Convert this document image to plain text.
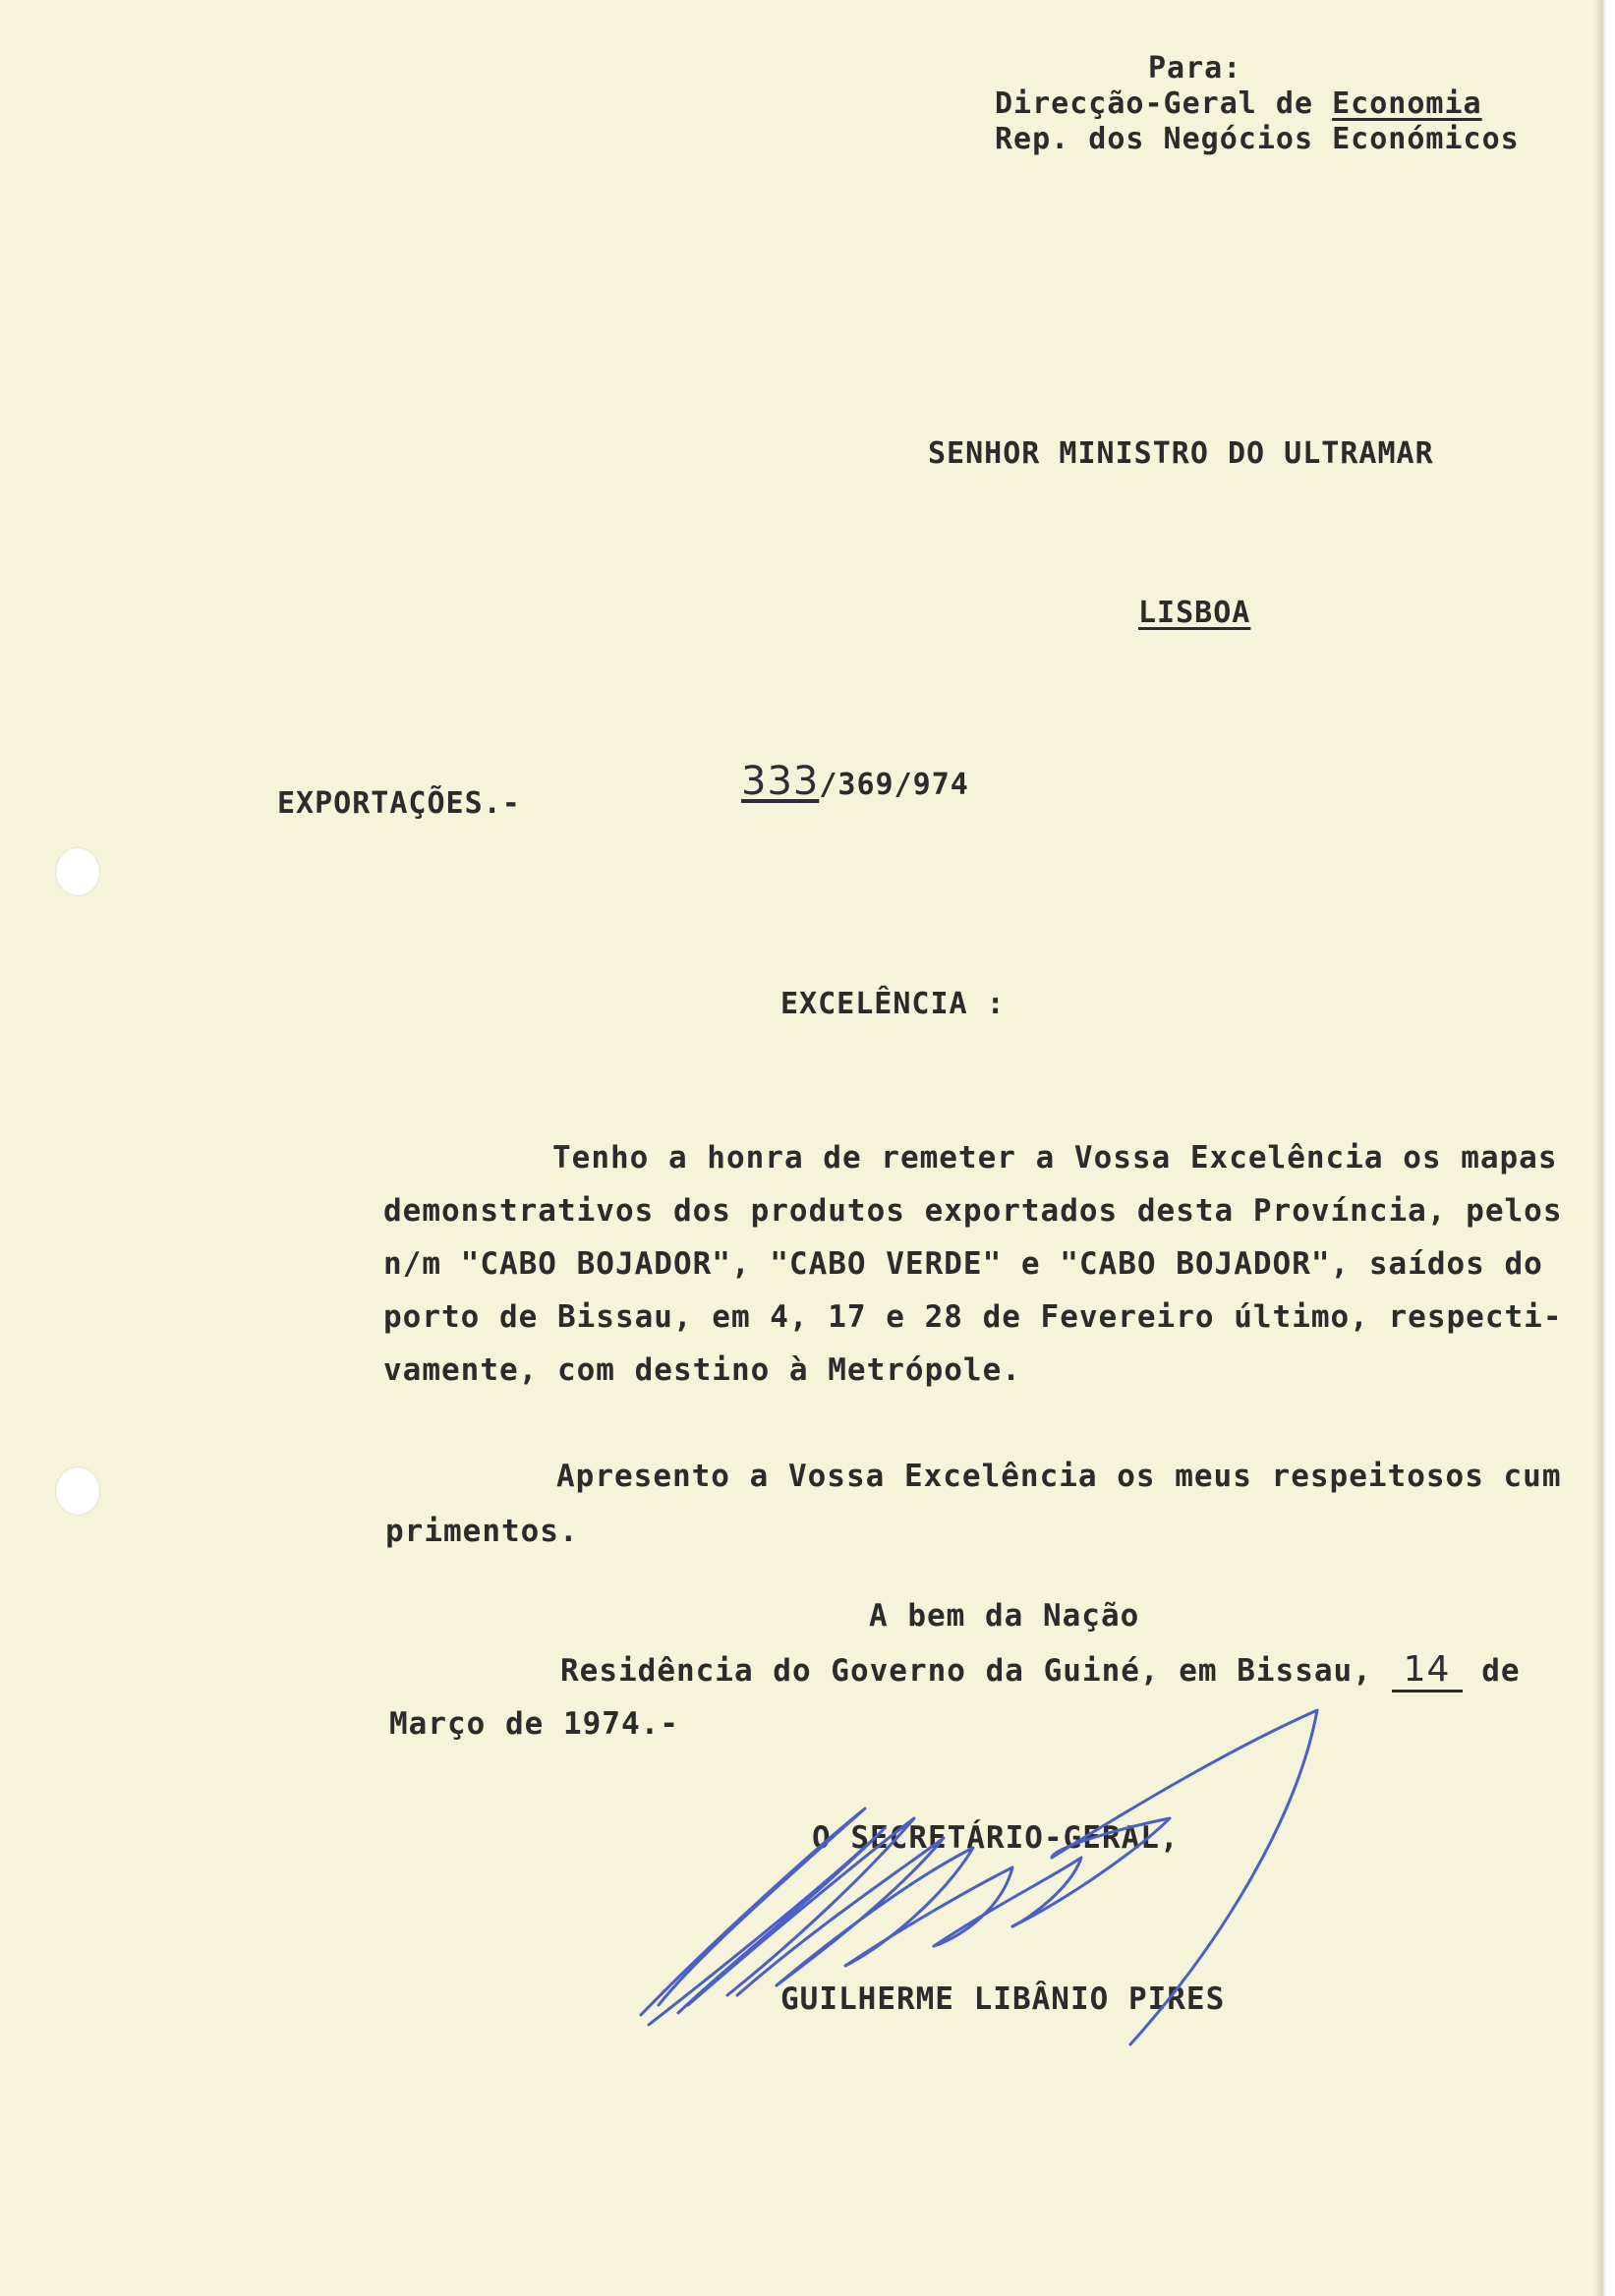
Para:
Direcção-Geral de Economia
Rep. dos Negócios Económicos
SENHOR MINISTRO DO ULTRAMAR
LISBOA
EXPORTAÇÕES.-	333/369/974
EXCELÊNCIA :
Tenho a honra de remeter a Vossa Excelência os mapas
demonstrativos dos produtos exportados desta Província, pelos
n/m "CABO BOJADOR", "CABO VERDE" e "CABO BOJADOR", saídos do
porto de Bissau, em 4, 17 e 28 de Fevereiro último, respecti-
vamente, com destino à Metrópole.
Apresento a Vossa Excelência os meus respeitosos cum
primentos.
A bem da Nação
Residência do Governo da Guiné, em Bissau, 14 de
Março de 1974.-
O SECRETÁRIO-GERAL,
GUILHERME LIBÂNIO PIRES
